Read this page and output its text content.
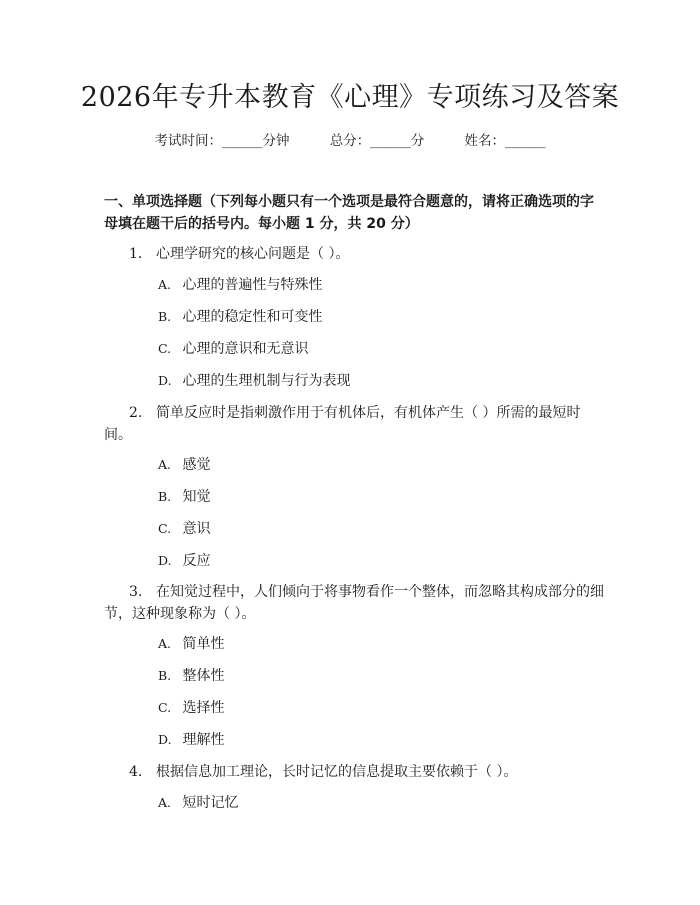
2026年专升本教育《心理》专项练习及答案
考试时间：______分钟	总分：______分	姓名：______
一、单项选择题（下列每小题只有一个选项是最符合题意的，请将正确选项的字
母填在题干后的括号内。每小题 1 分，共 20 分）
1. 心理学研究的核心问题是（ ）。
A. 心理的普遍性与特殊性
B. 心理的稳定性和可变性
C. 心理的意识和无意识
D. 心理的生理机制与行为表现
2. 简单反应时是指刺激作用于有机体后，有机体产生（ ）所需的最短时
间。
A. 感觉
B. 知觉
C. 意识
D. 反应
3. 在知觉过程中，人们倾向于将事物看作一个整体，而忽略其构成部分的细
节，这种现象称为（ ）。
A. 简单性
B. 整体性
C. 选择性
D. 理解性
4. 根据信息加工理论，长时记忆的信息提取主要依赖于（ ）。
A. 短时记忆
